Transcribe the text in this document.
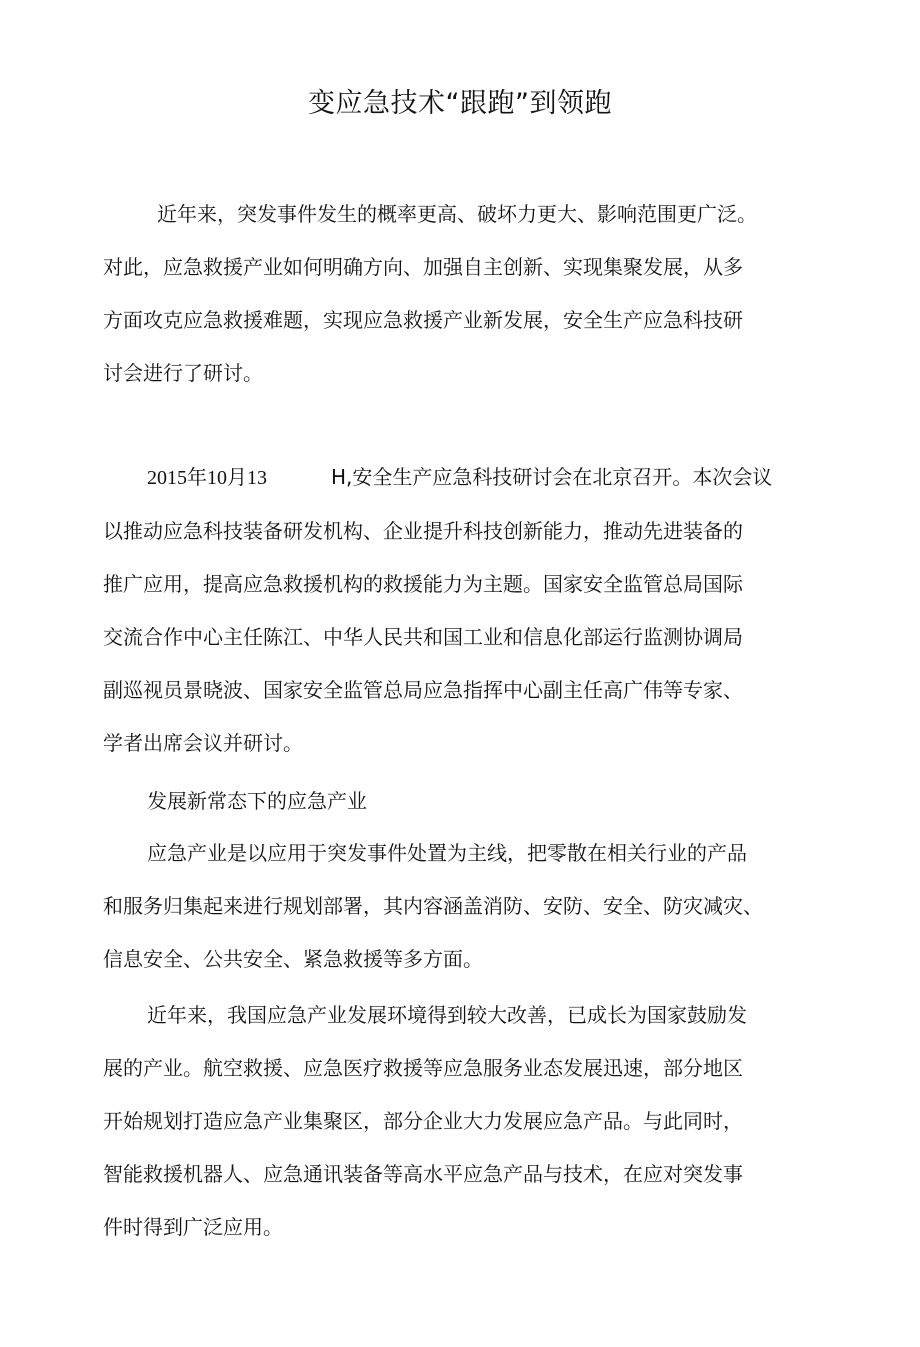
变应急技术“跟跑”到领跑
近年来，突发事件发生的概率更高、破坏力更大、影响范围更广泛。
对此，应急救援产业如何明确方向、加强自主创新、实现集聚发展，从多
方面攻克应急救援难题，实现应急救援产业新发展，安全生产应急科技研
讨会进行了研讨。
2015年10月13	H,安全生产应急科技研讨会在北京召开。本次会议
以推动应急科技装备研发机构、企业提升科技创新能力，推动先进装备的
推广应用，提高应急救援机构的救援能力为主题。国家安全监管总局国际
交流合作中心主任陈江、中华人民共和国工业和信息化部运行监测协调局
副巡视员景晓波、国家安全监管总局应急指挥中心副主任高广伟等专家、
学者出席会议并研讨。
发展新常态下的应急产业
应急产业是以应用于突发事件处置为主线，把零散在相关行业的产品
和服务归集起来进行规划部署，其内容涵盖消防、安防、安全、防灾减灾、
信息安全、公共安全、紧急救援等多方面。
近年来，我国应急产业发展环境得到较大改善，已成长为国家鼓励发
展的产业。航空救援、应急医疗救援等应急服务业态发展迅速，部分地区
开始规划打造应急产业集聚区，部分企业大力发展应急产品。与此同时，
智能救援机器人、应急通讯装备等高水平应急产品与技术，在应对突发事
件时得到广泛应用。
